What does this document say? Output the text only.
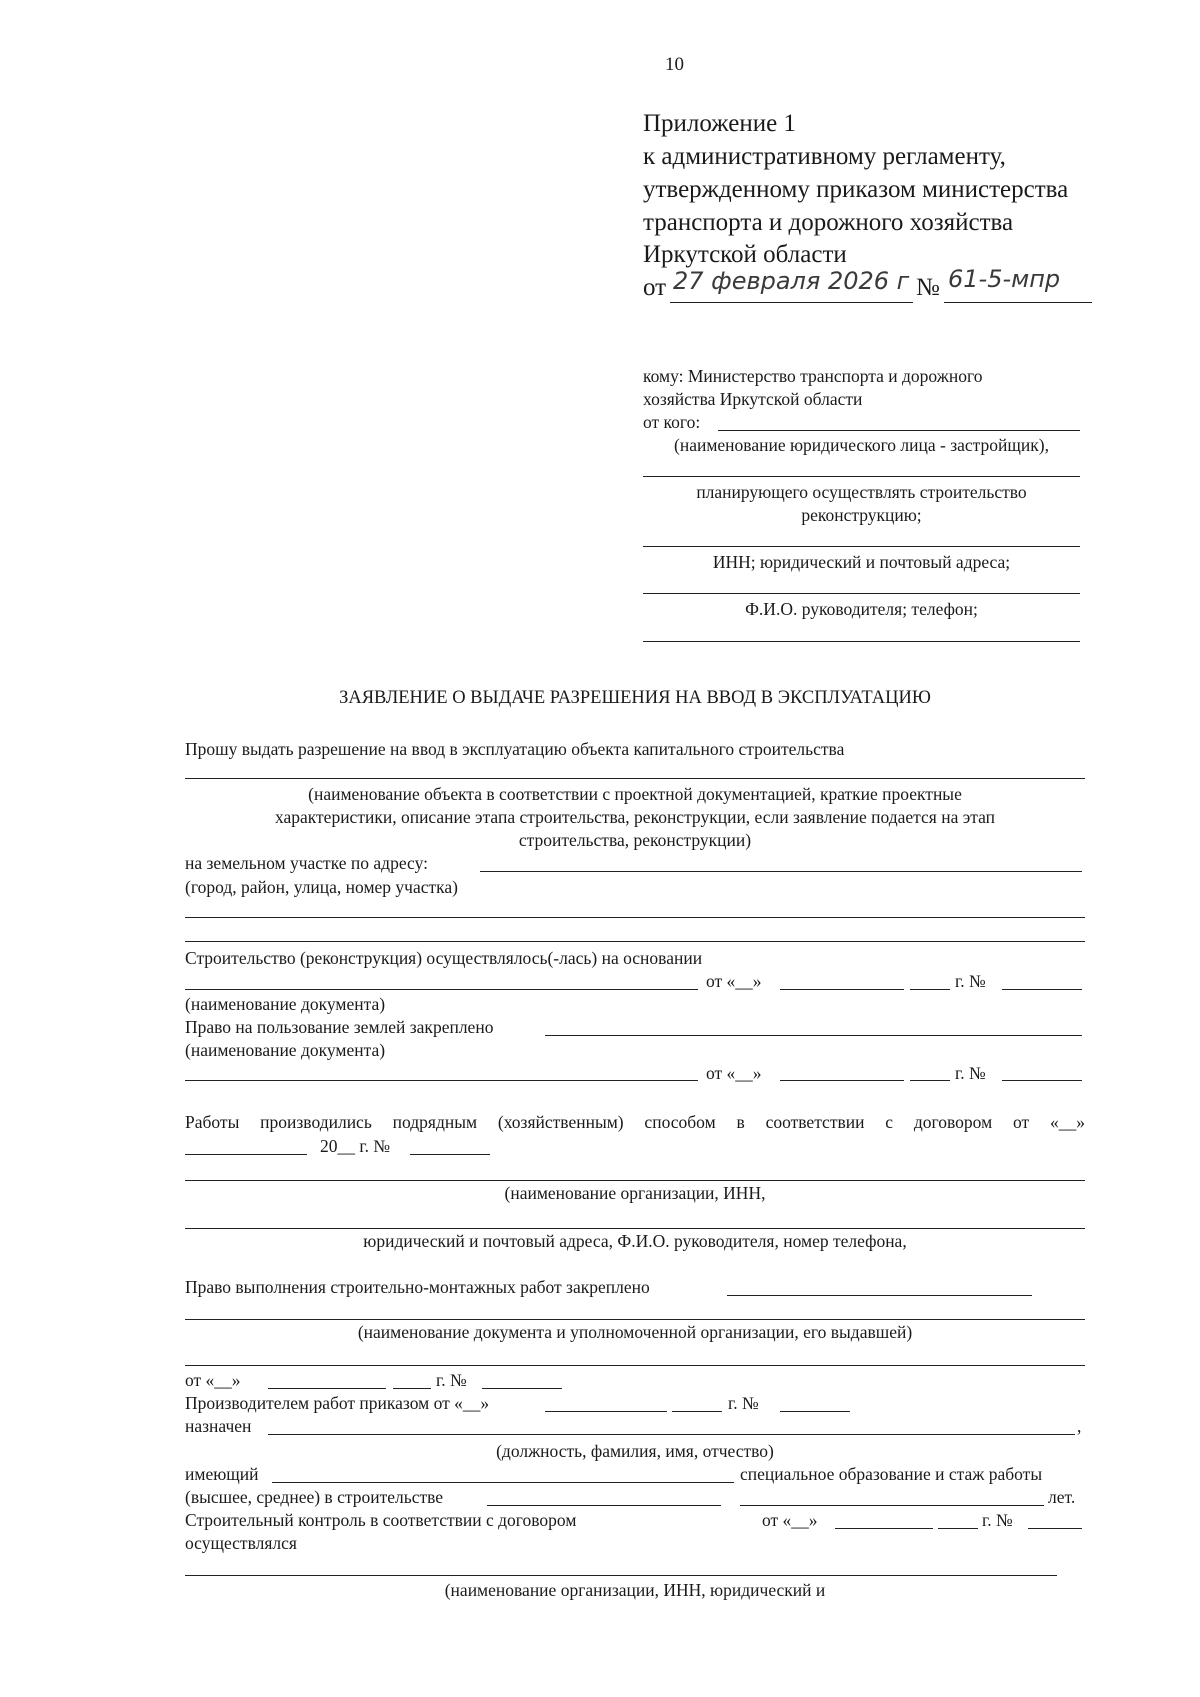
10
Приложение 1
к административному регламенту,
утвержденному приказом министерства
транспорта и дорожного хозяйства
Иркутской области
от 27 февраля 2026 г № 61-5-мпр
кому: Министерство транспорта и дорожного
хозяйства Иркутской области
от кого:
(наименование юридического лица - застройщик),
планирующего осуществлять строительство
реконструкцию;
ИНН; юридический и почтовый адреса;
Ф.И.О. руководителя; телефон;
ЗАЯВЛЕНИЕ О ВЫДАЧЕ РАЗРЕШЕНИЯ НА ВВОД В ЭКСПЛУАТАЦИЮ
Прошу выдать разрешение на ввод в эксплуатацию объекта капитального строительства
(наименование объекта в соответствии с проектной документацией, краткие проектные
характеристики, описание этапа строительства, реконструкции, если заявление подается на этап
строительства, реконструкции)
на земельном участке по адресу:
(город, район, улица, номер участка)
Строительство (реконструкция) осуществлялось(-лась) на основании
от «__»	г. №
(наименование документа)
Право на пользование землей закреплено
(наименование документа)
от «__»	г. №
Работы производились подрядным (хозяйственным) способом в соответствии с договором от «__»
20__ г. №
(наименование организации, ИНН,
юридический и почтовый адреса, Ф.И.О. руководителя, номер телефона,
Право выполнения строительно-монтажных работ закреплено
(наименование документа и уполномоченной организации, его выдавшей)
от «__»	г. №
Производителем работ приказом от «__»	г. №
назначен	,
(должность, фамилия, имя, отчество)
имеющий	специальное образование и стаж работы
(высшее, среднее) в строительстве	лет.
Строительный контроль в соответствии с договором	от «__»	г. №
осуществлялся
(наименование организации, ИНН, юридический и
